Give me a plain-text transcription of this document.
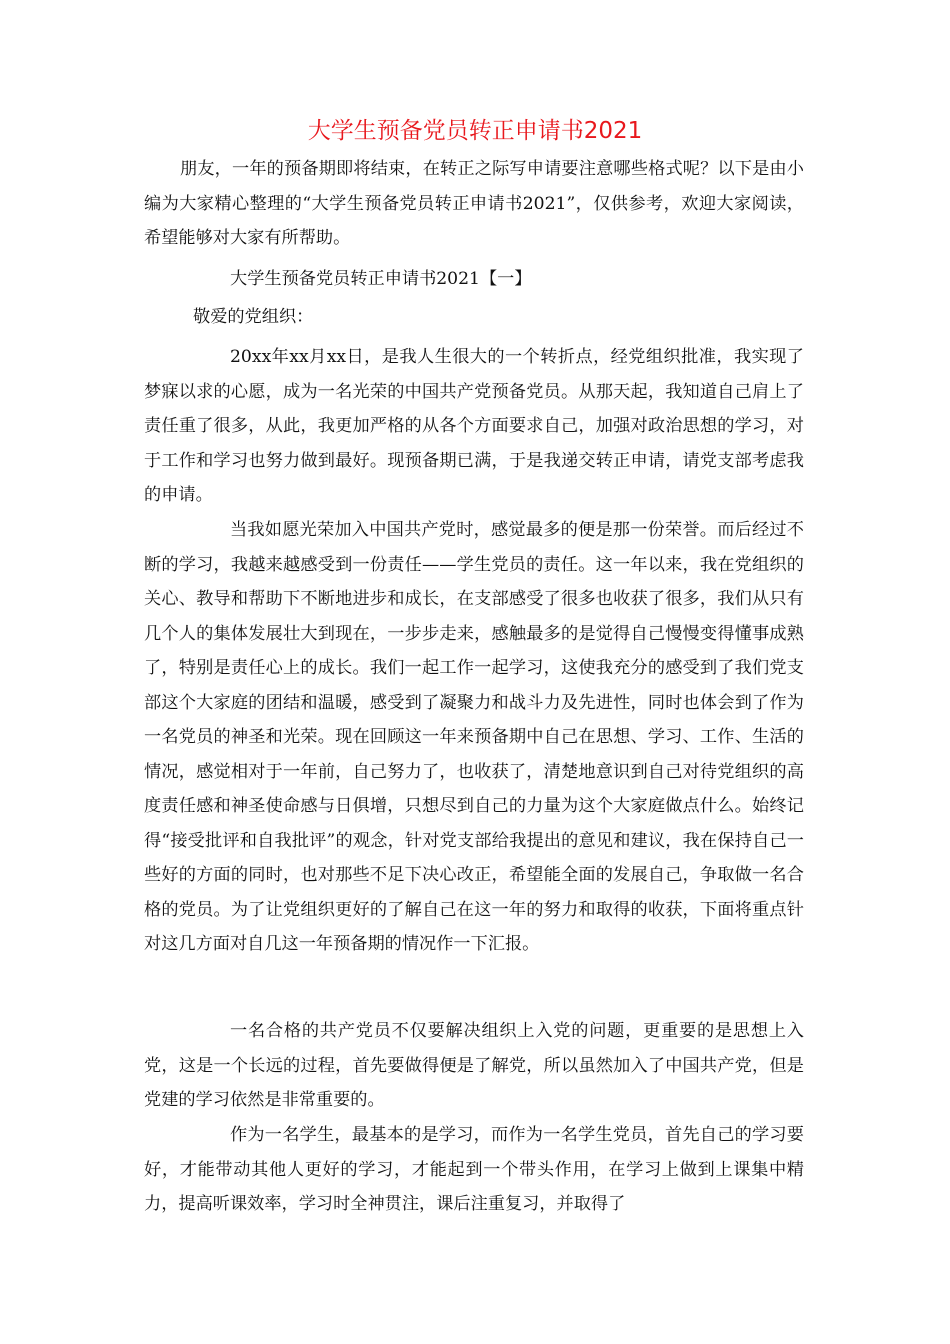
大学生预备党员转正申请书2021

朋友，一年的预备期即将结束，在转正之际写申请要注意哪些格式呢？以下是由小编为大家精心整理的“大学生预备党员转正申请书2021”，仅供参考，欢迎大家阅读，希望能够对大家有所帮助。

大学生预备党员转正申请书2021【一】

敬爱的党组织：

20xx年xx月xx日，是我人生很大的一个转折点，经党组织批准，我实现了梦寐以求的心愿，成为一名光荣的中国共产党预备党员。从那天起，我知道自己肩上了责任重了很多，从此，我更加严格的从各个方面要求自己，加强对政治思想的学习，对于工作和学习也努力做到最好。现预备期已满，于是我递交转正申请，请党支部考虑我的申请。

当我如愿光荣加入中国共产党时，感觉最多的便是那一份荣誉。而后经过不断的学习，我越来越感受到一份责任——学生党员的责任。这一年以来，我在党组织的关心、教导和帮助下不断地进步和成长，在支部感受了很多也收获了很多，我们从只有几个人的集体发展壮大到现在，一步步走来，感触最多的是觉得自己慢慢变得懂事成熟了，特别是责任心上的成长。我们一起工作一起学习，这使我充分的感受到了我们党支部这个大家庭的团结和温暖，感受到了凝聚力和战斗力及先进性，同时也体会到了作为一名党员的神圣和光荣。现在回顾这一年来预备期中自己在思想、学习、工作、生活的情况，感觉相对于一年前，自己努力了，也收获了，清楚地意识到自己对待党组织的高度责任感和神圣使命感与日俱增，只想尽到自己的力量为这个大家庭做点什么。始终记得“接受批评和自我批评”的观念，针对党支部给我提出的意见和建议，我在保持自己一些好的方面的同时，也对那些不足下决心改正，希望能全面的发展自己，争取做一名合格的党员。为了让党组织更好的了解自己在这一年的努力和取得的收获，下面将重点针对这几方面对自几这一年预备期的情况作一下汇报。

一名合格的共产党员不仅要解决组织上入党的问题，更重要的是思想上入党，这是一个长远的过程，首先要做得便是了解党，所以虽然加入了中国共产党，但是党建的学习依然是非常重要的。

作为一名学生，最基本的是学习，而作为一名学生党员，首先自己的学习要好，才能带动其他人更好的学习，才能起到一个带头作用，在学习上做到上课集中精力，提高听课效率，学习时全神贯注，课后注重复习，并取得了
